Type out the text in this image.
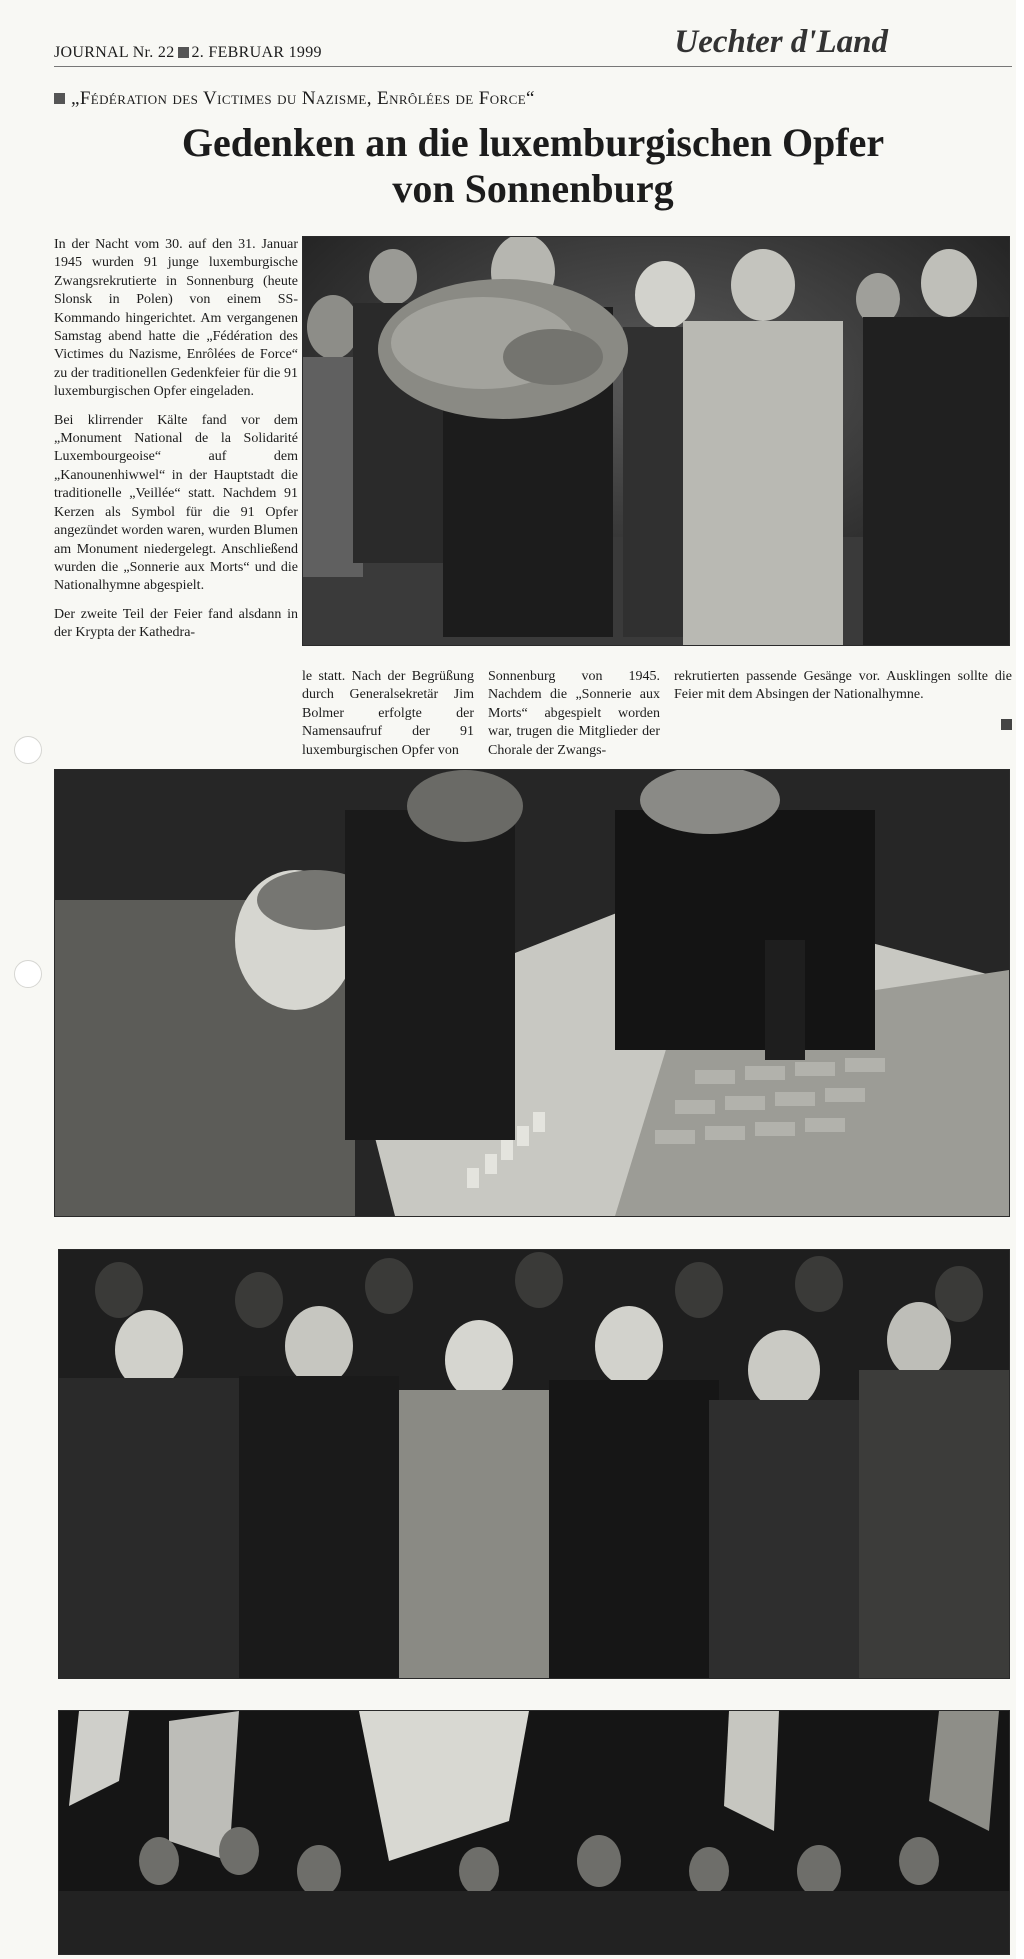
JOURNAL Nr. 22 2. FEBRUAR 1999	Uechter d'Land
„Fédération des Victimes du Nazisme, Enrôlées de Force“
Gedenken an die luxemburgischen Opfer
von Sonnenburg

In der Nacht vom 30. auf den 31. Januar 1945 wurden 91 junge luxemburgische Zwangsrekrutierte in Sonnenburg (heute Slonsk in Polen) von einem SS-Kommando hingerichtet. Am vergangenen Samstag abend hatte die „Fédération des Victimes du Nazisme, Enrôlées de Force“ zu der traditionellen Gedenkfeier für die 91 luxemburgischen Opfer eingeladen.

Bei klirrender Kälte fand vor dem „Monument National de la Solidarité Luxembourgeoise“ auf dem „Kanounenhiwwel“ in der Hauptstadt die traditionelle „Veillée“ statt. Nachdem 91 Kerzen als Symbol für die 91 Opfer angezündet worden waren, wurden Blumen am Monument niedergelegt. Anschließend wurden die „Sonnerie aux Morts“ und die Nationalhymne abgespielt.

Der zweite Teil der Feier fand alsdann in der Krypta der Kathedra-

le statt. Nach der Begrüßung durch Generalsekretär Jim Bolmer erfolgte der Namensaufruf der 91 luxemburgischen Opfer von

Sonnenburg von 1945. Nachdem die „Sonnerie aux Morts“ abgespielt worden war, trugen die Mitglieder der Chorale der Zwangs-

rekrutierten passende Gesänge vor. Ausklingen sollte die Feier mit dem Absingen der Nationalhymne.
